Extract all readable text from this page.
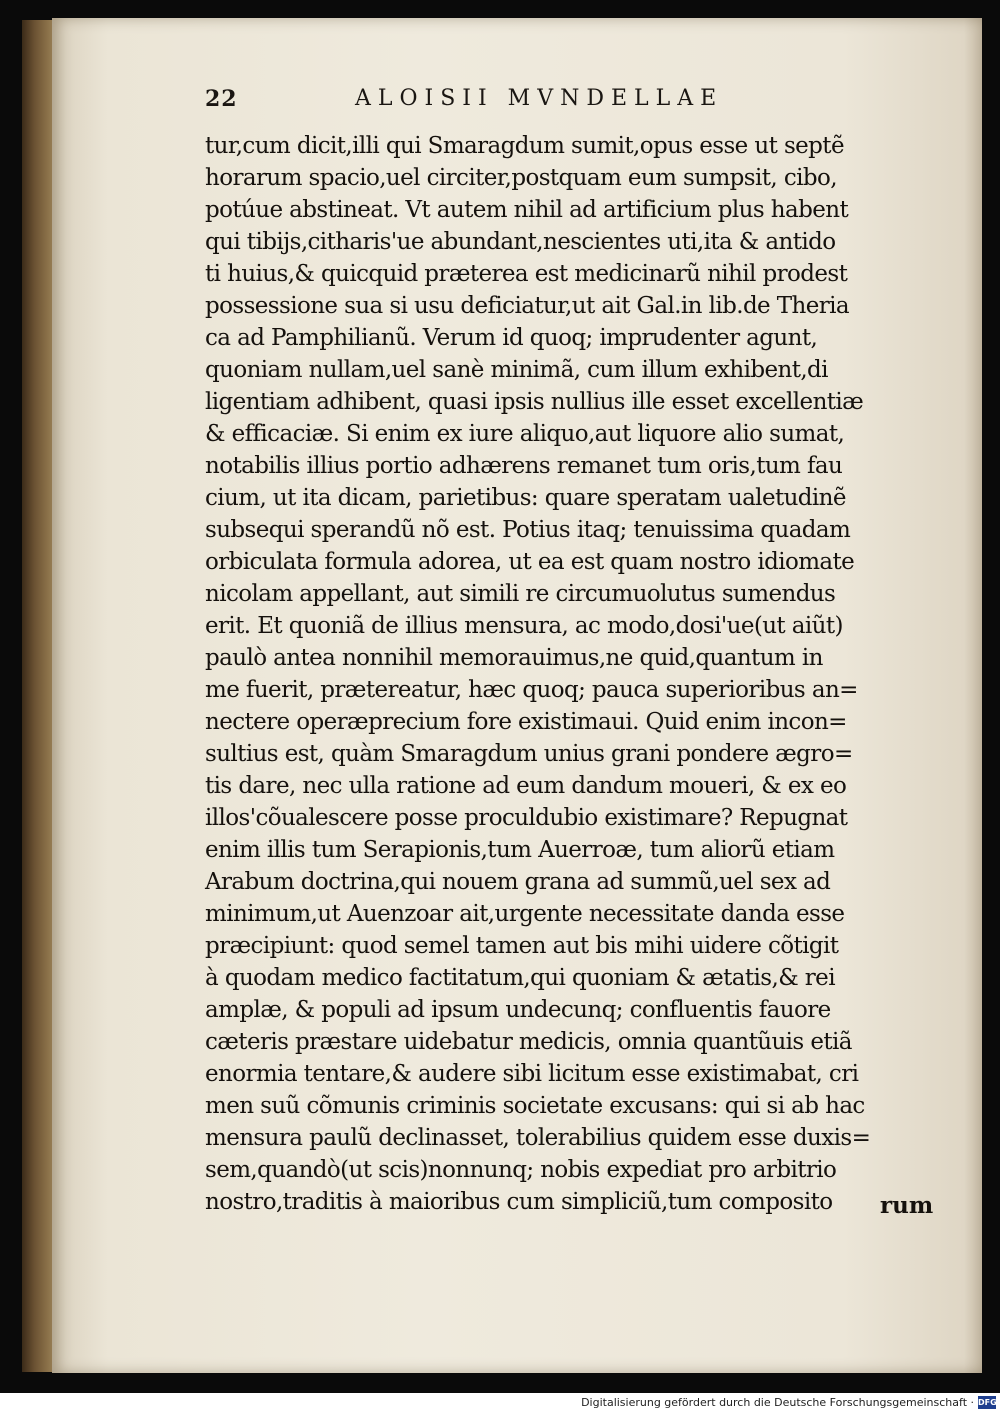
22	ALOISII MVNDELLAE
tur,cum dicit,illi qui Smaragdum sumit,opus esse ut septẽ
horarum spacio,uel circiter,postquam eum sumpsit, cibo,
potúue abstineat. Vt autem nihil ad artificium plus habent
qui tibijs,citharis'ue abundant,nescientes uti,ita & antido
ti huius,& quicquid præterea est medicinarũ nihil prodest
possessione sua si usu deficiatur,ut ait Gal.in lib.de Theria
ca ad Pamphilianũ. Verum id quoq; imprudenter agunt,
quoniam nullam,uel sanè minimã, cum illum exhibent,di
ligentiam adhibent, quasi ipsis nullius ille esset excellentiæ
& efficaciæ. Si enim ex iure aliquo,aut liquore alio sumat,
notabilis illius portio adhærens remanet tum oris,tum fau
cium, ut ita dicam, parietibus: quare speratam ualetudinẽ
subsequi sperandũ nõ est. Potius itaq; tenuissima quadam
orbiculata formula adorea, ut ea est quam nostro idiomate
nicolam appellant, aut simili re circumuolutus sumendus
erit. Et quoniã de illius mensura, ac modo,dosi'ue(ut aiũt)
paulò antea nonnihil memorauimus,ne quid,quantum in
me fuerit, prætereatur, hæc quoq; pauca superioribus an=
nectere operæprecium fore existimaui. Quid enim incon=
sultius est, quàm Smaragdum unius grani pondere ægro=
tis dare, nec ulla ratione ad eum dandum moueri, & ex eo
illos'cõualescere posse proculdubio existimare? Repugnat
enim illis tum Serapionis,tum Auerroæ, tum aliorũ etiam
Arabum doctrina,qui nouem grana ad summũ,uel sex ad
minimum,ut Auenzoar ait,urgente necessitate danda esse
præcipiunt: quod semel tamen aut bis mihi uidere cõtigit
à quodam medico factitatum,qui quoniam & ætatis,& rei
amplæ, & populi ad ipsum undecunq; confluentis fauore
cæteris præstare uidebatur medicis, omnia quantũuis etiã
enormia tentare,& audere sibi licitum esse existimabat, cri
men suũ cõmunis criminis societate excusans: qui si ab hac
mensura paulũ declinasset, tolerabilius quidem esse duxis=
sem,quandò(ut scis)nonnunq; nobis expediat pro arbitrio
nostro,traditis à maioribus cum simpliciũ,tum composito	rum
Digitalisierung gefördert durch die Deutsche Forschungsgemeinschaft · DFG
